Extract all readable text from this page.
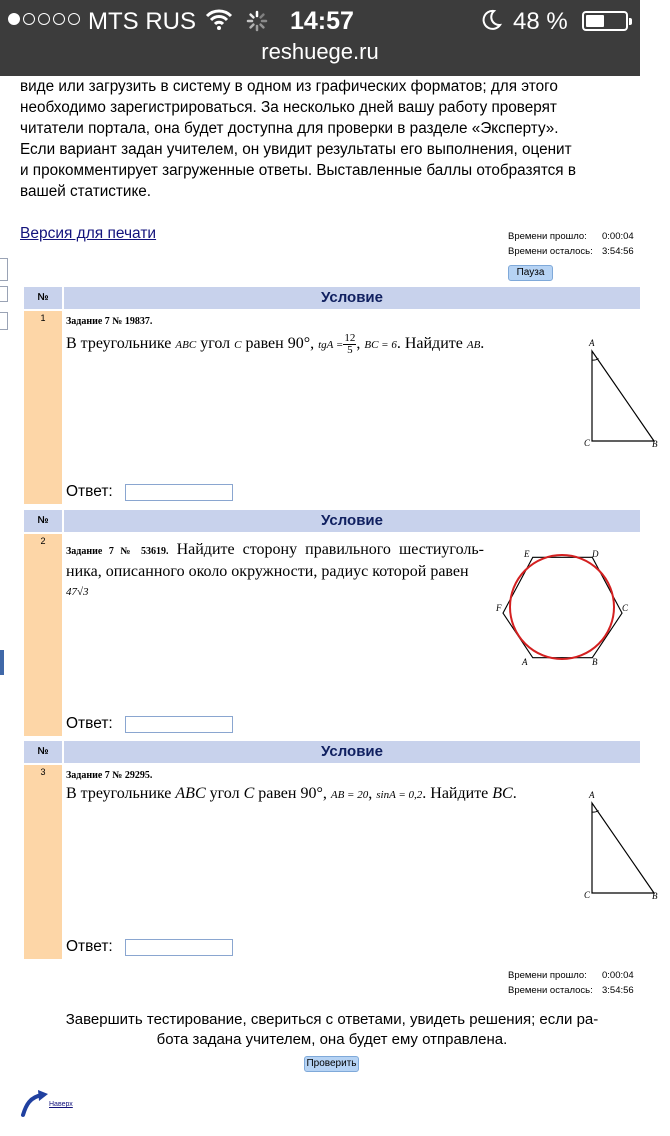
MTS RUS	14:57	48 %
reshuege.ru
виде или загрузить в систему в одном из графических форматов; для этого
необходимо зарегистрироваться. За несколько дней вашу работу проверят
читатели портала, она будет доступна для проверки в разделе «Эксперту».
Если вариант задан учителем, он увидит результаты его выполнения, оценит
и прокомментирует загруженные ответы. Выставленные баллы отобразятся в
вашей статистике.
Версия для печати	Времени прошло: 0:00:04
Времени осталось: 3:54:56
Пауза
№	Условие
1	Задание 7 № 19837.
В треугольнике ABC угол C равен 90°, tgA = $\frac{12}{5}$ , BC = 6. Найдите AB.	A
C	B
Ответ:
№	Условие
2
Задание 7 № 53619. Найдите сторону правильного шестиуголь- ника, описанного около окружности, радиус которой равен
47√3
E	D
F	C
A	B
Ответ:
№	Условие
3	Задание 7 № 29295.
В треугольнике ABC угол C равен 90°, AB = 20, sinA = 0,2. Найдите BC.	A
C	B
Ответ:
Времени прошло: 0:00:04
Времени осталось: 3:54:56
Завершить тестирование, свериться с ответами, увидеть решения; если ра-
бота задана учителем, она будет ему отправлена.
Проверить
Наверх
